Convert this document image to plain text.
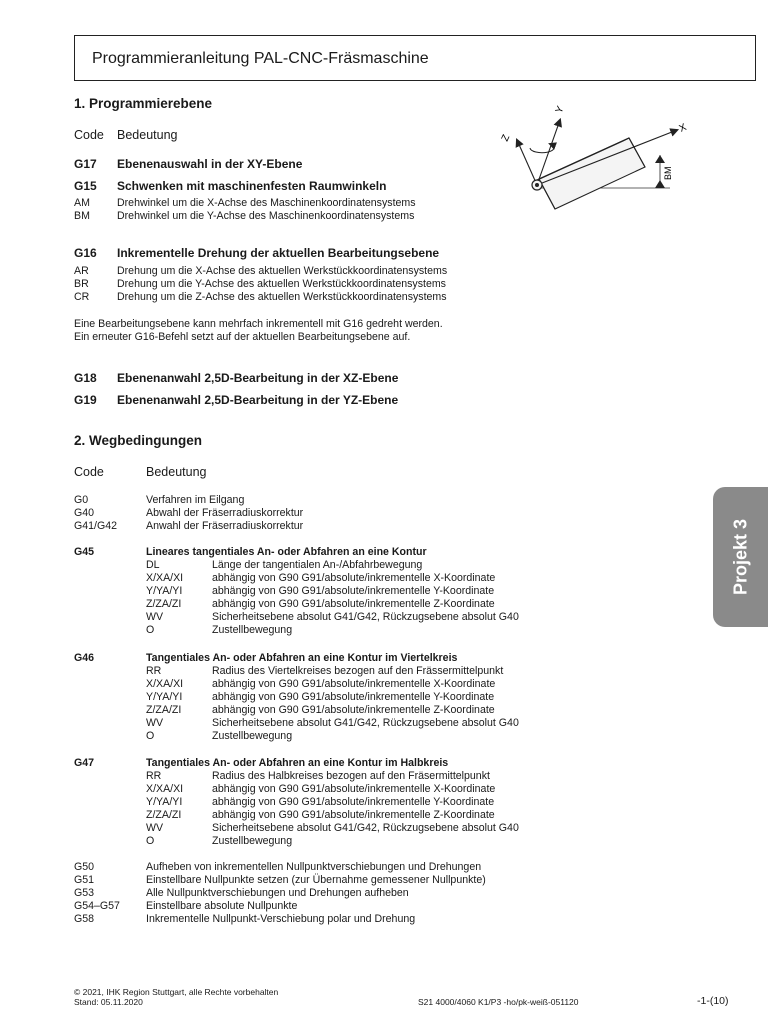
Programmieranleitung PAL-CNC-Fräsmaschine
Projekt 3
1. Programmierebene
Code Bedeutung
G17 Ebenenauswahl in der XY-Ebene
G15 Schwenken mit maschinenfesten Raumwinkeln
AM	Drehwinkel um die X-Achse des Maschinenkoordinatensystems
BM	Drehwinkel um die Y-Achse des Maschinenkoordinatensystems
G16 Inkrementelle Drehung der aktuellen Bearbeitungsebene
AR	Drehung um die X-Achse des aktuellen Werkstückkoordinatensystems
BR	Drehung um die Y-Achse des aktuellen Werkstückkoordinatensystems
CR	Drehung um die Z-Achse des aktuellen Werkstückkoordinatensystems
Eine Bearbeitungsebene kann mehrfach inkrementell mit G16 gedreht werden.
Ein erneuter G16-Befehl setzt auf der aktuellen Bearbeitungsebene auf.
G18 Ebenenanwahl 2,5D-Bearbeitung in der XZ-Ebene
G19 Ebenenanwahl 2,5D-Bearbeitung in der YZ-Ebene
Z
Y
X
BM
2. Wegbedingungen
Code	Bedeutung
G0	Verfahren im Eilgang
G40	Abwahl der Fräserradiuskorrektur
G41/G42	Anwahl der Fräserradiuskorrektur
G45	Lineares tangentiales An- oder Abfahren an eine Kontur
DL	Länge der tangentialen An-/Abfahrbewegung
X/XA/XI	abhängig von G90 G91/absolute/inkrementelle X-Koordinate
Y/YA/YI	abhängig von G90 G91/absolute/inkrementelle Y-Koordinate
Z/ZA/ZI	abhängig von G90 G91/absolute/inkrementelle Z-Koordinate
WV	Sicherheitsebene absolut G41/G42, Rückzugsebene absolut G40
O	Zustellbewegung
G46	Tangentiales An- oder Abfahren an eine Kontur im Viertelkreis
RR	Radius des Viertelkreises bezogen auf den Frässermittelpunkt
X/XA/XI	abhängig von G90 G91/absolute/inkrementelle X-Koordinate
Y/YA/YI	abhängig von G90 G91/absolute/inkrementelle Y-Koordinate
Z/ZA/ZI	abhängig von G90 G91/absolute/inkrementelle Z-Koordinate
WV	Sicherheitsebene absolut G41/G42, Rückzugsebene absolut G40
O	Zustellbewegung
G47	Tangentiales An- oder Abfahren an eine Kontur im Halbkreis
RR	Radius des Halbkreises bezogen auf den Fräsermittelpunkt
X/XA/XI	abhängig von G90 G91/absolute/inkrementelle X-Koordinate
Y/YA/YI	abhängig von G90 G91/absolute/inkrementelle Y-Koordinate
Z/ZA/ZI	abhängig von G90 G91/absolute/inkrementelle Z-Koordinate
WV	Sicherheitsebene absolut G41/G42, Rückzugsebene absolut G40
O	Zustellbewegung
G50	Aufheben von inkrementellen Nullpunktverschiebungen und Drehungen
G51	Einstellbare Nullpunkte setzen (zur Übernahme gemessener Nullpunkte)
G53	Alle Nullpunktverschiebungen und Drehungen aufheben
G54–G57 Einstellbare absolute Nullpunkte
G58	Inkrementelle Nullpunkt-Verschiebung polar und Drehung
© 2021, IHK Region Stuttgart, alle Rechte vorbehalten
Stand: 05.11.2020	S21 4000/4060 K1/P3 -ho/pk-weiß-051120	-1-(10)
